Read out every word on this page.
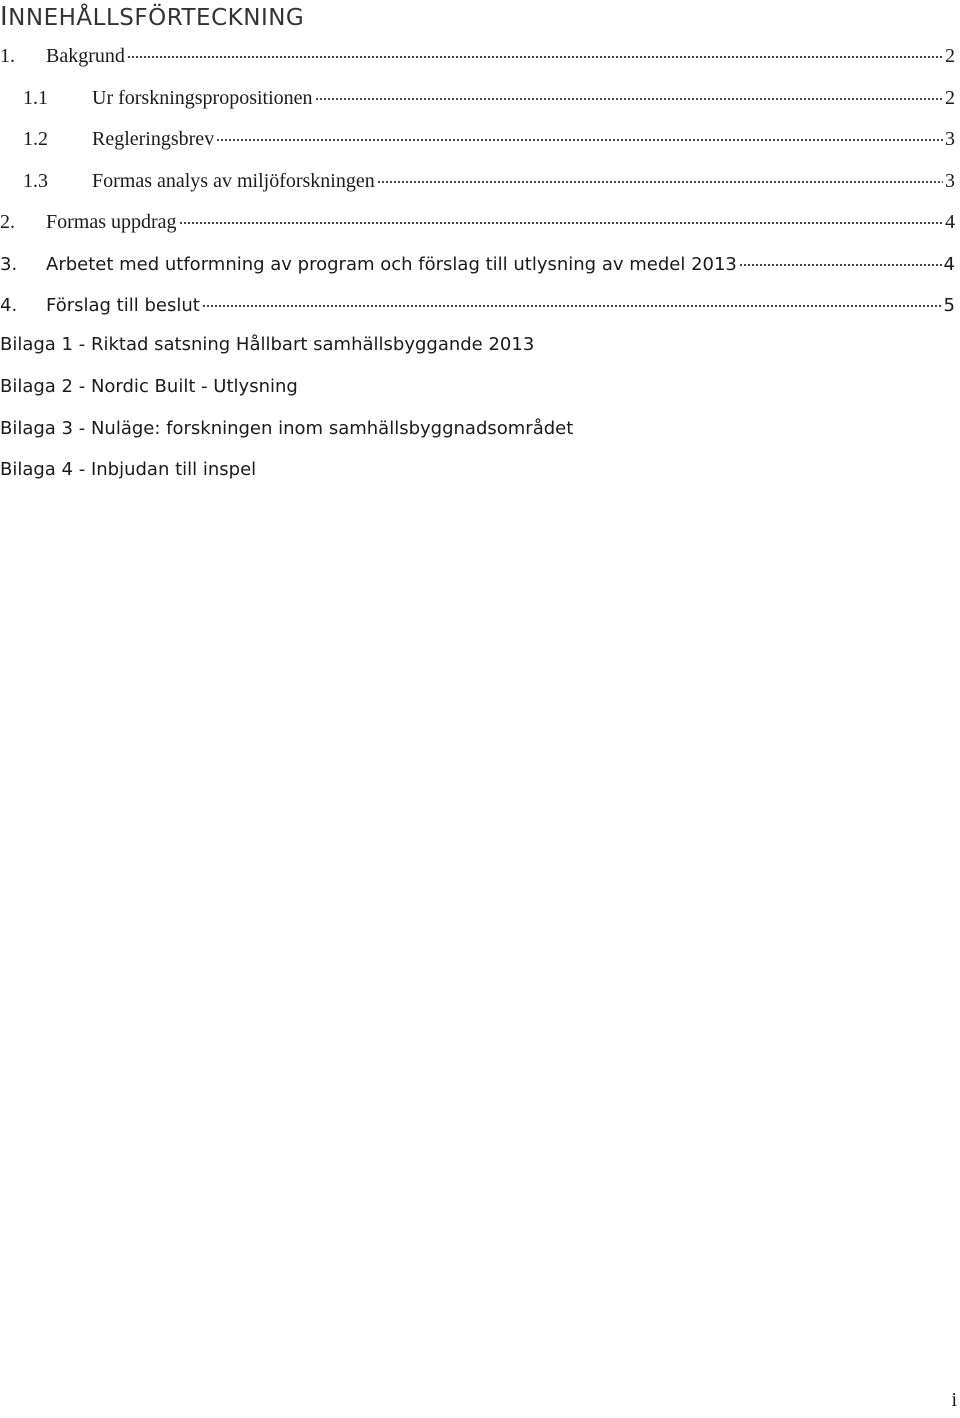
INNEHÅLLSFÖRTECKNING
1.	Bakgrund	2
1.1	Ur forskningspropositionen	2
1.2	Regleringsbrev	3
1.3	Formas analys av miljöforskningen	3
2.	Formas uppdrag	4
3.	Arbetet med utformning av program och förslag till utlysning av medel 2013	4
4.	Förslag till beslut	5
Bilaga 1 - Riktad satsning Hållbart samhällsbyggande 2013
Bilaga 2 - Nordic Built - Utlysning
Bilaga 3 - Nuläge: forskningen inom samhällsbyggnadsområdet
Bilaga 4 - Inbjudan till inspel
i
